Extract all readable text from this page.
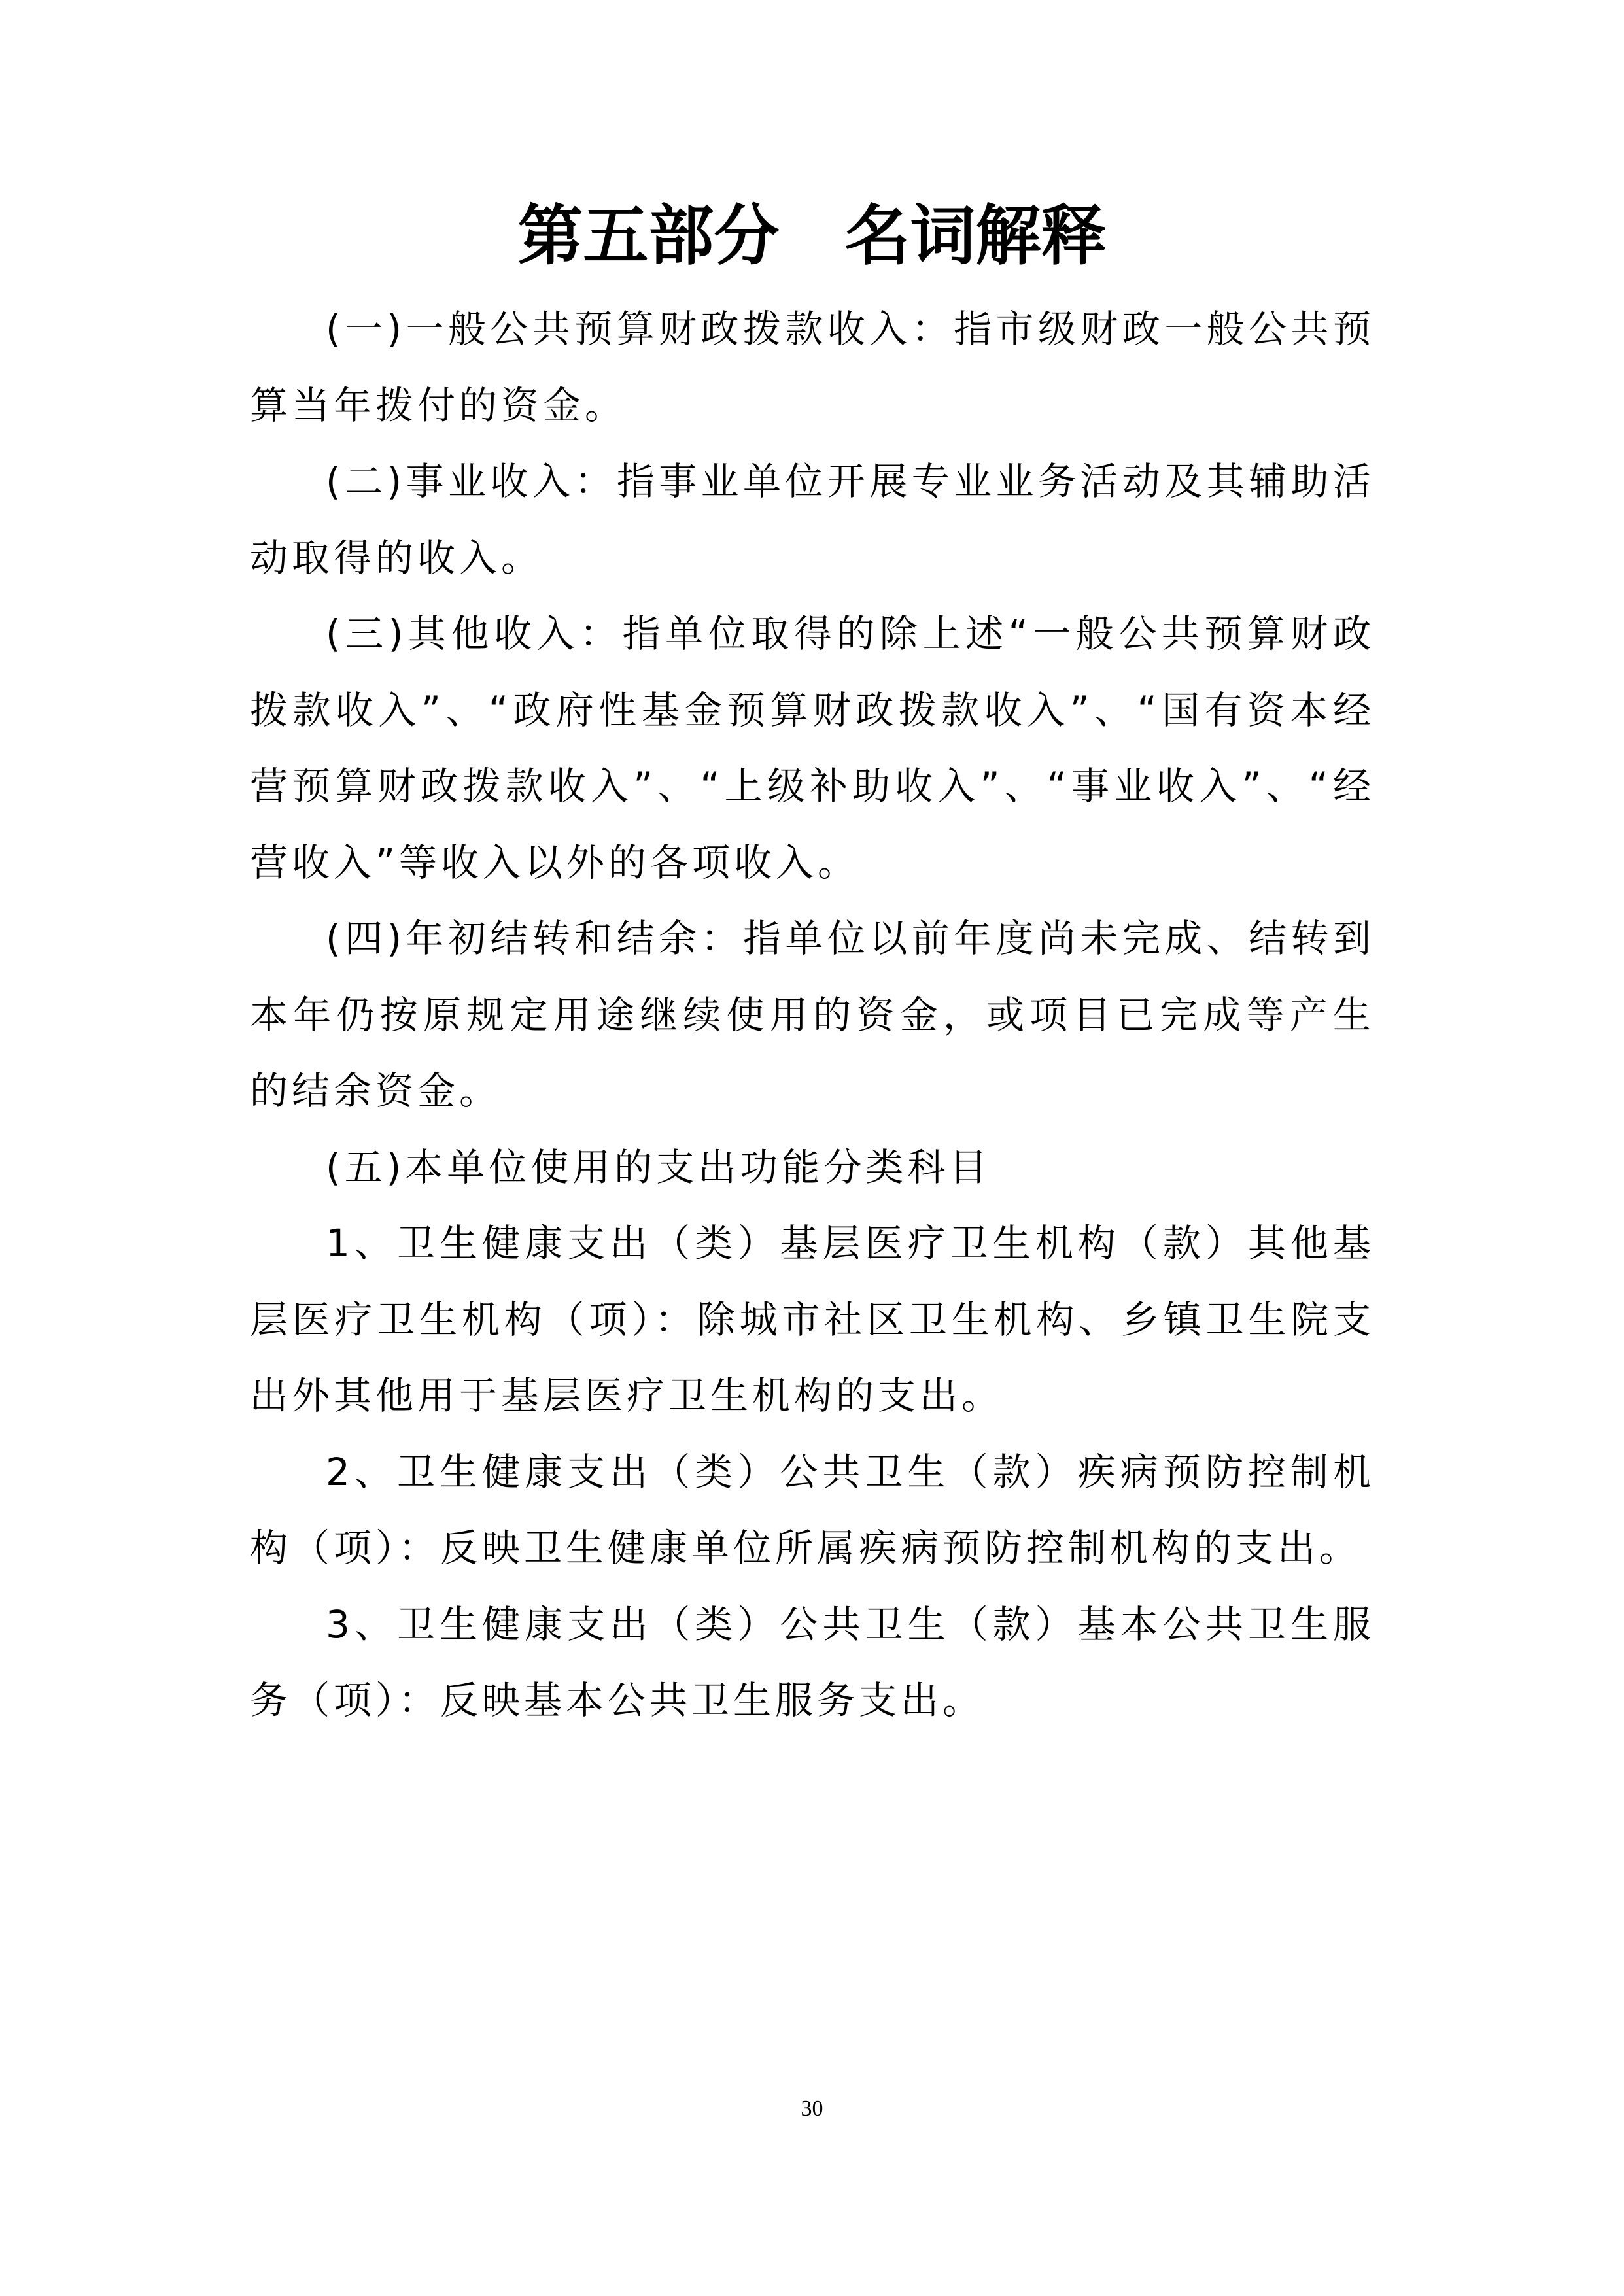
第五部分　名词解释

(一)一般公共预算财政拨款收入：指市级财政一般公共预算当年拨付的资金。

(二)事业收入：指事业单位开展专业业务活动及其辅助活动取得的收入。

(三)其他收入：指单位取得的除上述“一般公共预算财政拨款收入”、“政府性基金预算财政拨款收入”、“国有资本经营预算财政拨款收入”、“上级补助收入”、“事业收入”、“经营收入”等收入以外的各项收入。

(四)年初结转和结余：指单位以前年度尚未完成、结转到本年仍按原规定用途继续使用的资金，或项目已完成等产生的结余资金。

(五)本单位使用的支出功能分类科目

1、卫生健康支出（类）基层医疗卫生机构（款）其他基层医疗卫生机构（项）：除城市社区卫生机构、乡镇卫生院支出外其他用于基层医疗卫生机构的支出。

2、卫生健康支出（类）公共卫生（款）疾病预防控制机构（项）：反映卫生健康单位所属疾病预防控制机构的支出。

3、卫生健康支出（类）公共卫生（款）基本公共卫生服务（项）：反映基本公共卫生服务支出。

30
